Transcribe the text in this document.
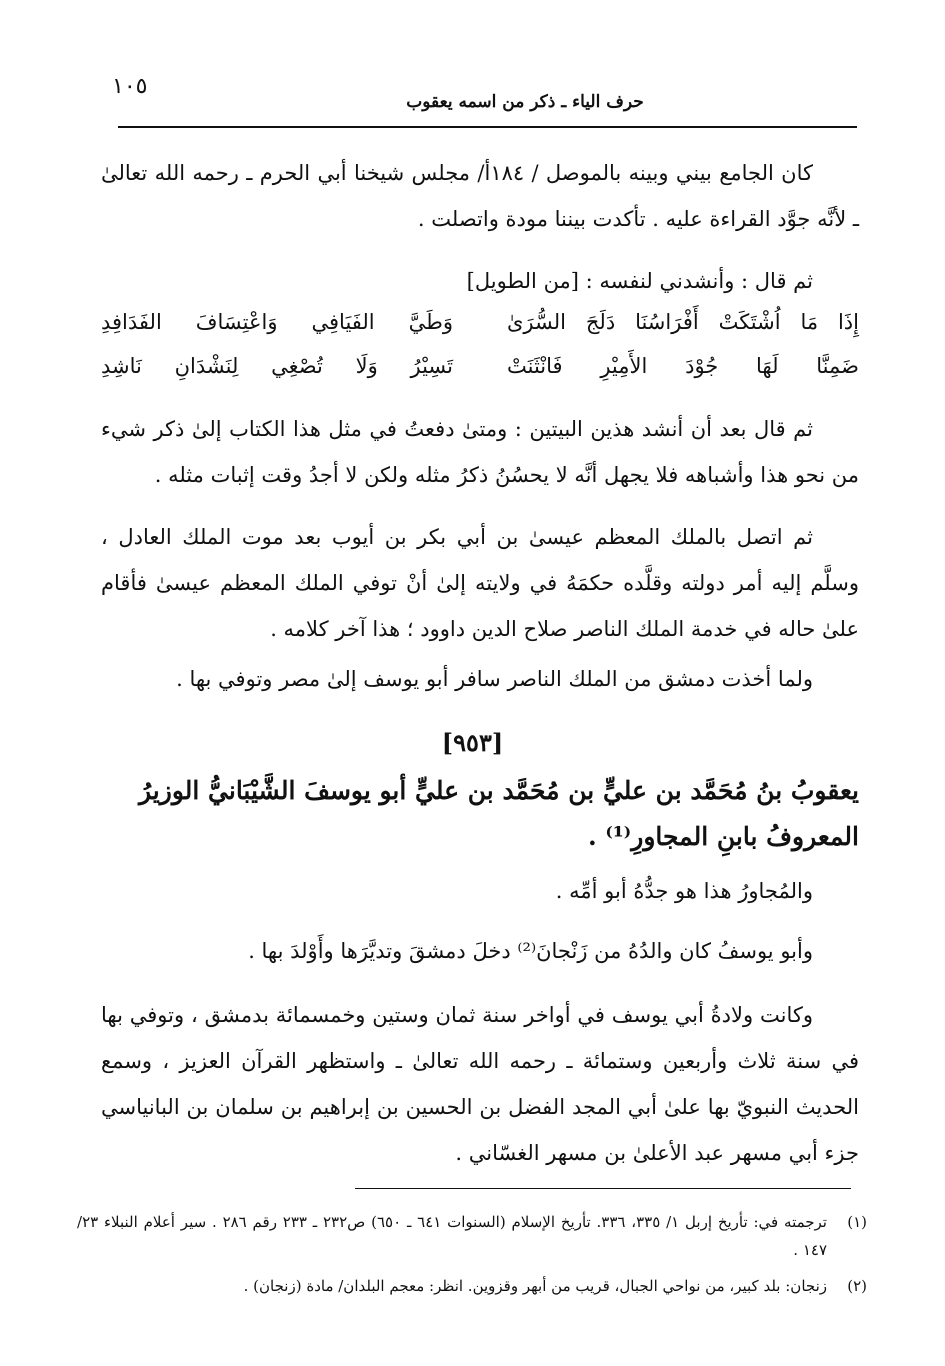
١٠٥
حرف الياء ـ ذكر من اسمه يعقوب

كان الجامع بيني وبينه بالموصل / ١٨٤أ/ مجلس شيخنا أبي الحرم ـ رحمه الله تعالىٰ ـ لأنَّه جوَّد القراءة عليه . تأكدت بيننا مودة واتصلت .

ثم قال : وأنشدني لنفسه : [من الطويل]

إِذَا مَا اُشْتَكَتْ أَفْرَاسُنَا دَلَجَ السُّرَىٰ
وَطَيَّ الفَيَافِي وَاعْتِسَافَ الفَدَافِدِ
ضَمِنَّا لَهَا جُوْدَ الأَمِيْرِ فَانْثَنَتْ
تَسِيْرُ وَلَا تُصْغِي لِنَشْدَانِ نَاشِدِ

ثم قال بعد أن أنشد هذين البيتين : ومتىٰ دفعتُ في مثل هذا الكتاب إلىٰ ذكر شيء من نحو هذا وأشباهه فلا يجهل أنَّه لا يحسُنُ ذكرُ مثله ولكن لا أجدُ وقت إثبات مثله .

ثم اتصل بالملك المعظم عيسىٰ بن أبي بكر بن أيوب بعد موت الملك العادل ، وسلَّم إليه أمر دولته وقلَّده حكمَهُ في ولايته إلىٰ أنْ توفي الملك المعظم عيسىٰ فأقام علىٰ حاله في خدمة الملك الناصر صلاح الدين داوود ؛ هذا آخر كلامه .

ولما أخذت دمشق من الملك الناصر سافر أبو يوسف إلىٰ مصر وتوفي بها .

[٩٥٣]

يعقوبُ بنُ مُحَمَّد بن عليٍّ بن مُحَمَّد بن عليٍّ أبو يوسفَ الشَّيْبَانيُّ الوزيرُ المعروفُ بابنِ المجاورِ⁽¹⁾ .

والمُجاورُ هذا هو جدُّهُ أبو أمِّه .

وأبو يوسفُ كان والدُهُ من زَنْجانَ⁽²⁾ دخلَ دمشقَ وتديَّرَها وأَوْلدَ بها .

وكانت ولادةُ أبي يوسف في أواخر سنة ثمان وستين وخمسمائة بدمشق ، وتوفي بها في سنة ثلاث وأربعين وستمائة ـ رحمه الله تعالىٰ ـ واستظهر القرآن العزيز ، وسمع الحديث النبويّ بها علىٰ أبي المجد الفضل بن الحسين بن إبراهيم بن سلمان بن البانياسي جزء أبي مسهر عبد الأعلىٰ بن مسهر الغسّاني .

(١)
ترجمته في: تأريخ إربل ١/ ٣٣٥، ٣٣٦. تأريخ الإسلام (السنوات ٦٤١ ـ ٦٥٠) ص٢٣٢ ـ ٢٣٣ رقم ٢٨٦ . سير أعلام النبلاء ٢٣/ ١٤٧ .
(٢)
زنجان: بلد كبير، من نواحي الجبال، قريب من أبهر وقزوين. انظر: معجم البلدان/ مادة (زنجان) .
